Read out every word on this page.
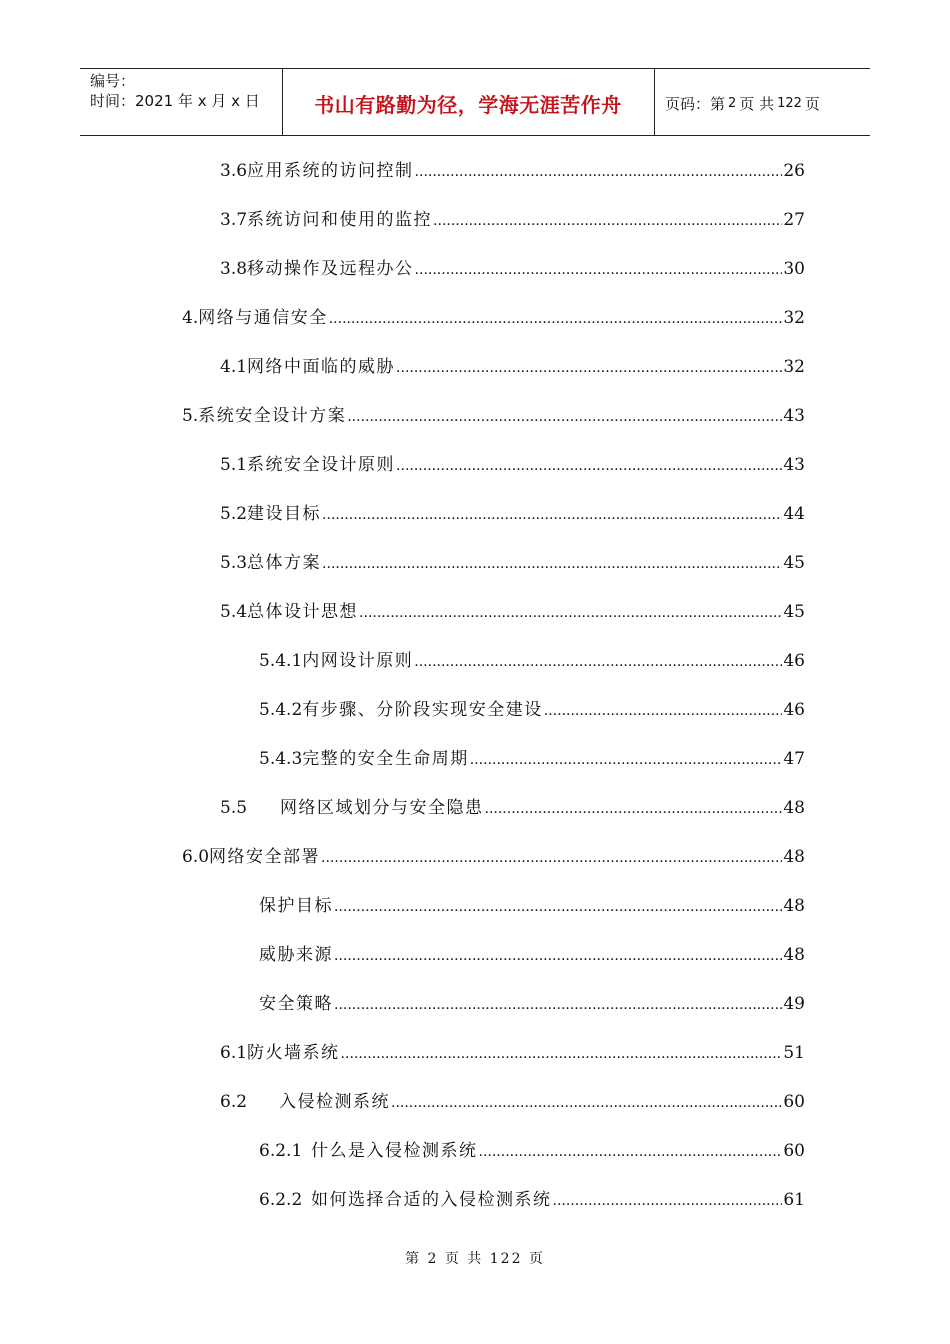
编号：
时间：2021 年 x 月 x 日	书山有路勤为径，学海无涯苦作舟	页码：第 2 页 共 122 页
3.6 应用系统的访问控制 .....	26
3.7 系统访问和使用的监控 .....	27
3.8 移动操作及远程办公 .....	30
4. 网络与通信安全 .....	32
4.1 网络中面临的威胁 .....	32
5. 系统安全设计方案 .....	43
5.1 系统安全设计原则 .....	43
5.2 建设目标 .....	44
5.3 总体方案 .....	45
5.4 总体设计思想 .....	45
5.4.1 内网设计原则 .....	46
5.4.2 有步骤、分阶段实现安全建设 .....	46
5.4.3 完整的安全生命周期 .....	47
5.5	网络区域划分与安全隐患 .....	48
6.0 网络安全部署 .....	48
保护目标 .....	48
威胁来源 .....	48
安全策略 .....	49
6.1 防火墙系统 .....	51
6.2	入侵检测系统 .....	60
6.2.1 什么是入侵检测系统 .....	60
6.2.2 如何选择合适的入侵检测系统 .....	61
第 2 页 共 122 页
